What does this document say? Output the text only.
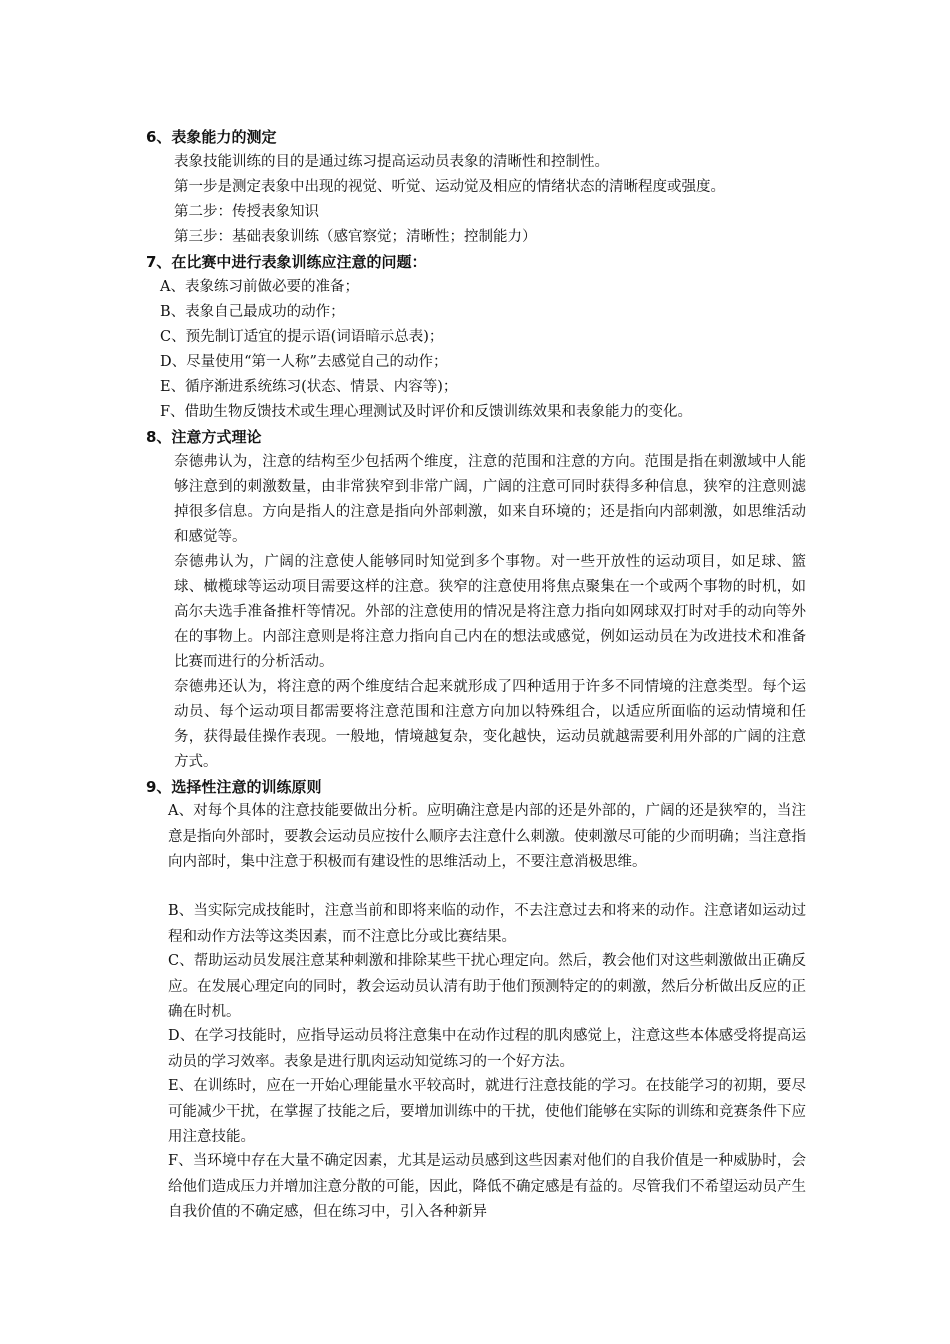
6、表象能力的测定
表象技能训练的目的是通过练习提高运动员表象的清晰性和控制性。
第一步是测定表象中出现的视觉、听觉、运动觉及相应的情绪状态的清晰程度或强度。
第二步：传授表象知识
第三步：基础表象训练（感官察觉；清晰性；控制能力）
7、在比赛中进行表象训练应注意的问题：
A、表象练习前做必要的准备；
B、表象自己最成功的动作；
C、预先制订适宜的提示语(词语暗示总表)；
D、尽量使用“第一人称”去感觉自己的动作；
E、循序渐进系统练习(状态、情景、内容等)；
F、借助生物反馈技术或生理心理测试及时评价和反馈训练效果和表象能力的变化。
8、注意方式理论

奈德弗认为，注意的结构至少包括两个维度，注意的范围和注意的方向。范围是指在刺激域中人能够注意到的刺激数量，由非常狭窄到非常广阔，广阔的注意可同时获得多种信息，狭窄的注意则滤掉很多信息。方向是指人的注意是指向外部刺激，如来自环境的；还是指向内部刺激，如思维活动和感觉等。

奈德弗认为，广阔的注意使人能够同时知觉到多个事物。对一些开放性的运动项目，如足球、篮球、橄榄球等运动项目需要这样的注意。狭窄的注意使用将焦点聚集在一个或两个事物的时机，如高尔夫选手准备推杆等情况。外部的注意使用的情况是将注意力指向如网球双打时对手的动向等外在的事物上。内部注意则是将注意力指向自己内在的想法或感觉，例如运动员在为改进技术和准备比赛而进行的分析活动。

奈德弗还认为，将注意的两个维度结合起来就形成了四种适用于许多不同情境的注意类型。每个运动员、每个运动项目都需要将注意范围和注意方向加以特殊组合，以适应所面临的运动情境和任务，获得最佳操作表现。一般地，情境越复杂，变化越快，运动员就越需要利用外部的广阔的注意方式。

9、选择性注意的训练原则

A、对每个具体的注意技能要做出分析。应明确注意是内部的还是外部的，广阔的还是狭窄的，当注意是指向外部时，要教会运动员应按什么顺序去注意什么刺激。使刺激尽可能的少而明确；当注意指向内部时，集中注意于积极而有建设性的思维活动上，不要注意消极思维。

B、当实际完成技能时，注意当前和即将来临的动作，不去注意过去和将来的动作。注意诸如运动过程和动作方法等这类因素，而不注意比分或比赛结果。

C、帮助运动员发展注意某种刺激和排除某些干扰心理定向。然后，教会他们对这些刺激做出正确反应。在发展心理定向的同时，教会运动员认清有助于他们预测特定的的刺激，然后分析做出反应的正确在时机。

D、在学习技能时，应指导运动员将注意集中在动作过程的肌肉感觉上，注意这些本体感受将提高运动员的学习效率。表象是进行肌肉运动知觉练习的一个好方法。

E、在训练时，应在一开始心理能量水平较高时，就进行注意技能的学习。在技能学习的初期，要尽可能减少干扰，在掌握了技能之后，要增加训练中的干扰，使他们能够在实际的训练和竞赛条件下应用注意技能。

F、当环境中存在大量不确定因素，尤其是运动员感到这些因素对他们的自我价值是一种威胁时，会给他们造成压力并增加注意分散的可能，因此，降低不确定感是有益的。尽管我们不希望运动员产生自我价值的不确定感，但在练习中，引入各种新异
